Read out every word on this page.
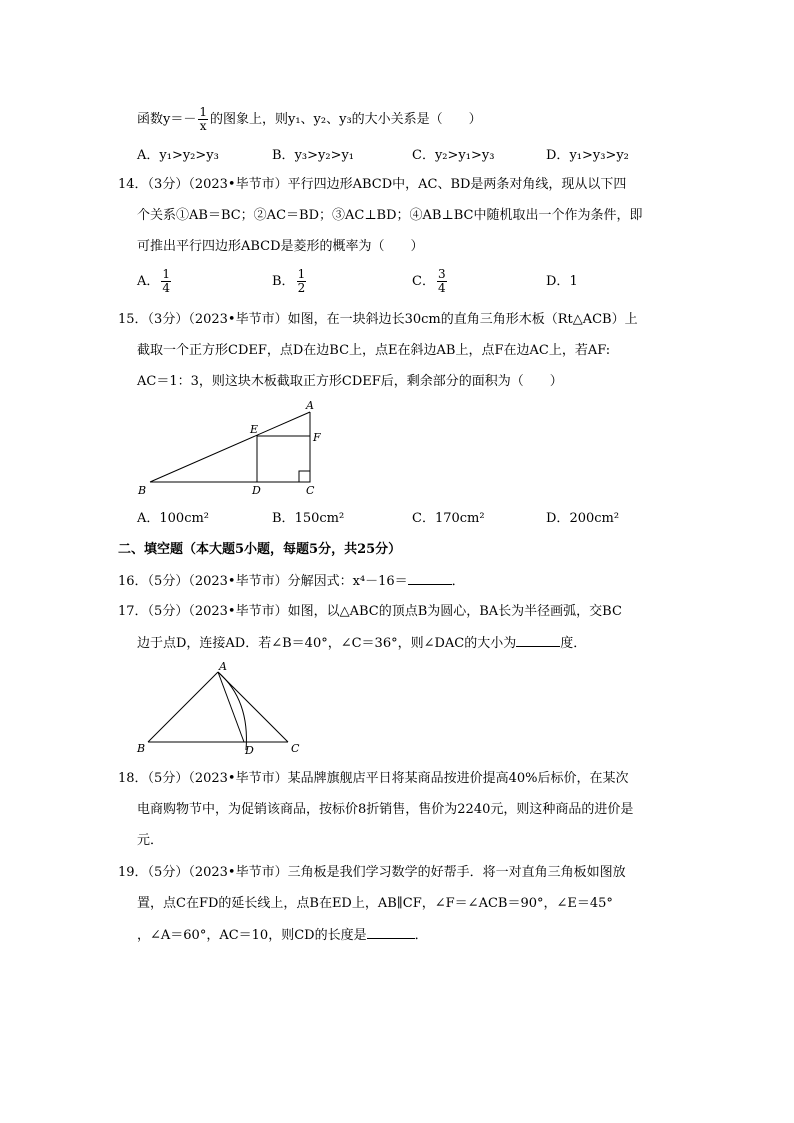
函数$y=- \frac{1}{x}$ 的图象上，则y₁、y₂、y₃的大小关系是（　　）
A．y₁>y₂>y₃	B．y₃>y₂>y₁	C．y₂>y₁>y₃	D．y₁>y₃>y₂
14．（3分）（2023•毕节市）平行四边形ABCD中，AC、BD是两条对角线，现从以下四
个关系①AB＝BC；②AC＝BD；③AC⊥BD；④AB⊥BC中随机取出一个作为条件，即
可推出平行四边形ABCD是菱形的概率为（　　）
A． $\frac{1}{4}$	B． $\frac{1}{2}$	C． $\frac{3}{4}$	D．1
15．（3分）（2023•毕节市）如图，在一块斜边长30cm的直角三角形木板（Rt△ACB）上
截取一个正方形CDEF，点D在边BC上，点E在斜边AB上，点F在边AC上，若AF:
AC＝1：3，则这块木板截取正方形CDEF后，剩余部分的面积为（　　）
A
E
F
B	D	C
A．100cm²	B．150cm²	C．170cm²	D．200cm²
二、填空题（本大题5小题，每题5分，共25分）
16．（5分）（2023•毕节市）分解因式：x⁴－16＝	．
17．（5分）（2023•毕节市）如图，以△ABC的顶点B为圆心，BA长为半径画弧，交BC
边于点D，连接AD．若∠B＝40°，∠C＝36°，则∠DAC的大小为	度．
A
B	D	C
18．（5分）（2023•毕节市）某品牌旗舰店平日将某商品按进价提高40%后标价，在某次
电商购物节中，为促销该商品，按标价8折销售，售价为2240元，则这种商品的进价是
元．
19．（5分）（2023•毕节市）三角板是我们学习数学的好帮手．将一对直角三角板如图放
置，点C在FD的延长线上，点B在ED上，AB∥CF，∠F＝∠ACB＝90°，∠E＝45°
，∠A＝60°，AC＝10，则CD的长度是	．
